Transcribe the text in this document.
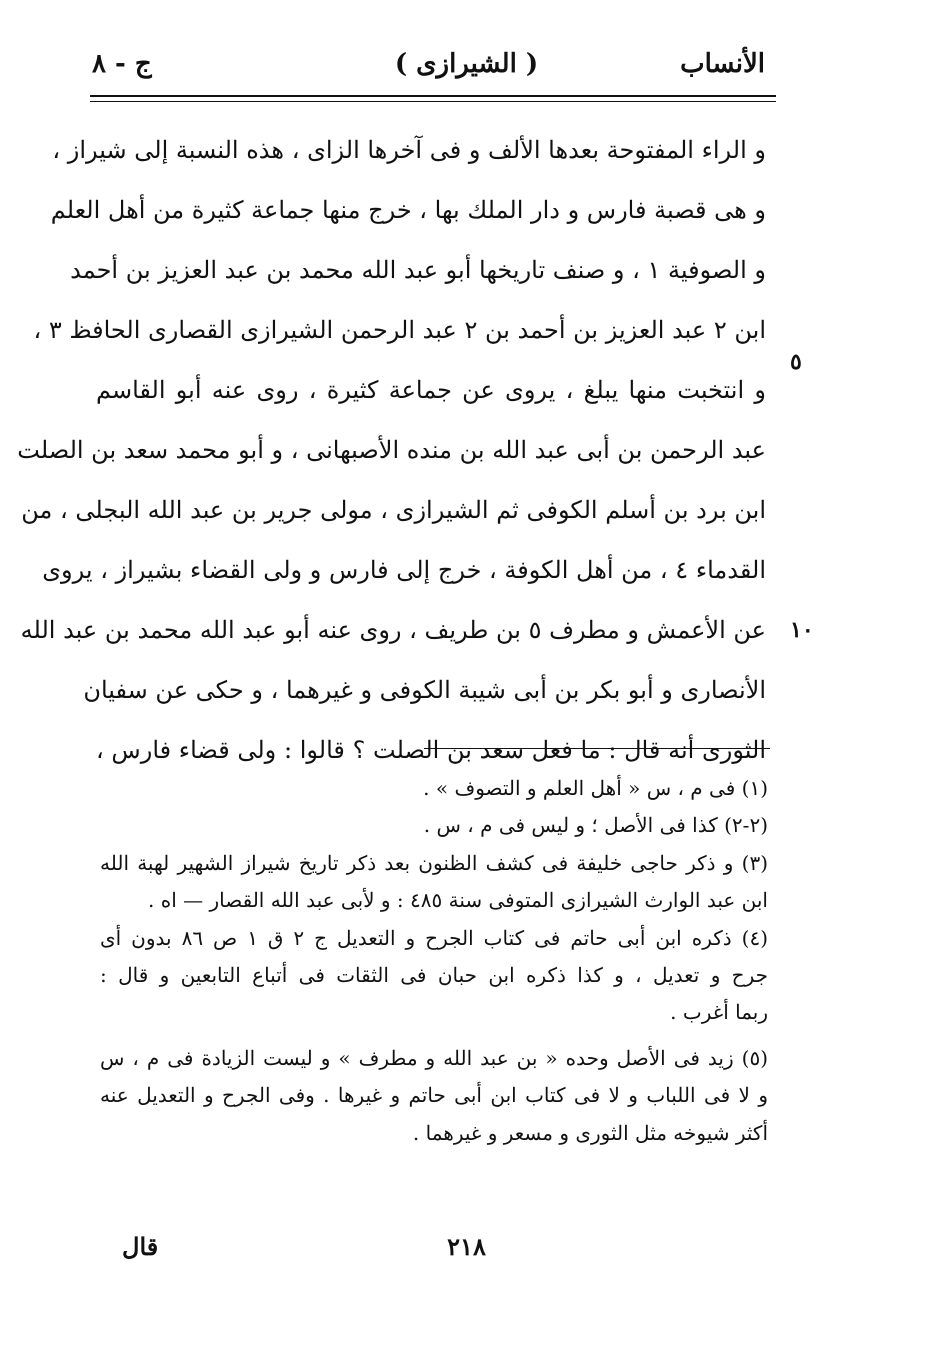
الأنساب
( الشيرازى )
ج - ٨
و الراء المفتوحة بعدها الألف و فى آخرها الزاى ، هذه النسبة إلى شيراز ،
و هى قصبة فارس و دار الملك بها ، خرج منها جماعة كثيرة من أهل العلم
و الصوفية ١ ، و صنف تاريخها أبو عبد الله محمد بن عبد العزيز بن أحمد
ابن ٢ عبد العزيز بن أحمد بن ٢ عبد الرحمن الشيرازى القصارى الحافظ ٣ ،
و انتخبت منها يبلغ ، يروى عن جماعة كثيرة ، روى عنه أبو القاسم
عبد الرحمن بن أبى عبد الله بن منده الأصبهانى ، و أبو محمد سعد بن الصلت
ابن برد بن أسلم الكوفى ثم الشيرازى ، مولى جرير بن عبد الله البجلى ، من
القدماء ٤ ، من أهل الكوفة ، خرج إلى فارس و ولى القضاء بشيراز ، يروى
عن الأعمش و مطرف ٥ بن طريف ، روى عنه أبو عبد الله محمد بن عبد الله
الأنصارى و أبو بكر بن أبى شيبة الكوفى و غيرهما ، و حكى عن سفيان
الثورى أنه قال : ما فعل سعد بن الصلت ؟ قالوا : ولى قضاء فارس ،
٥
١٠
(١) فى م ، س « أهل العلم و التصوف » .
(٢-٢) كذا فى الأصل ؛ و ليس فى م ، س .
(٣) و ذكر حاجى خليفة فى كشف الظنون بعد ذكر تاريخ شيراز الشهير لهبة الله
ابن عبد الوارث الشيرازى المتوفى سنة ٤٨٥ : و لأبى عبد الله القصار — اه .
(٤) ذكره ابن أبى حاتم فى كتاب الجرح و التعديل ج ٢ ق ١ ص ٨٦ بدون أى
جرح و تعديل ، و كذا ذكره ابن حبان فى الثقات فى أتباع التابعين و قال :
ربما أغرب .
(٥) زيد فى الأصل وحده « بن عبد الله و مطرف » و ليست الزيادة فى م ، س
و لا فى اللباب و لا فى كتاب ابن أبى حاتم و غيرها . وفى الجرح و التعديل عنه
أكثر شيوخه مثل الثورى و مسعر و غيرهما .
٢١٨
قال
